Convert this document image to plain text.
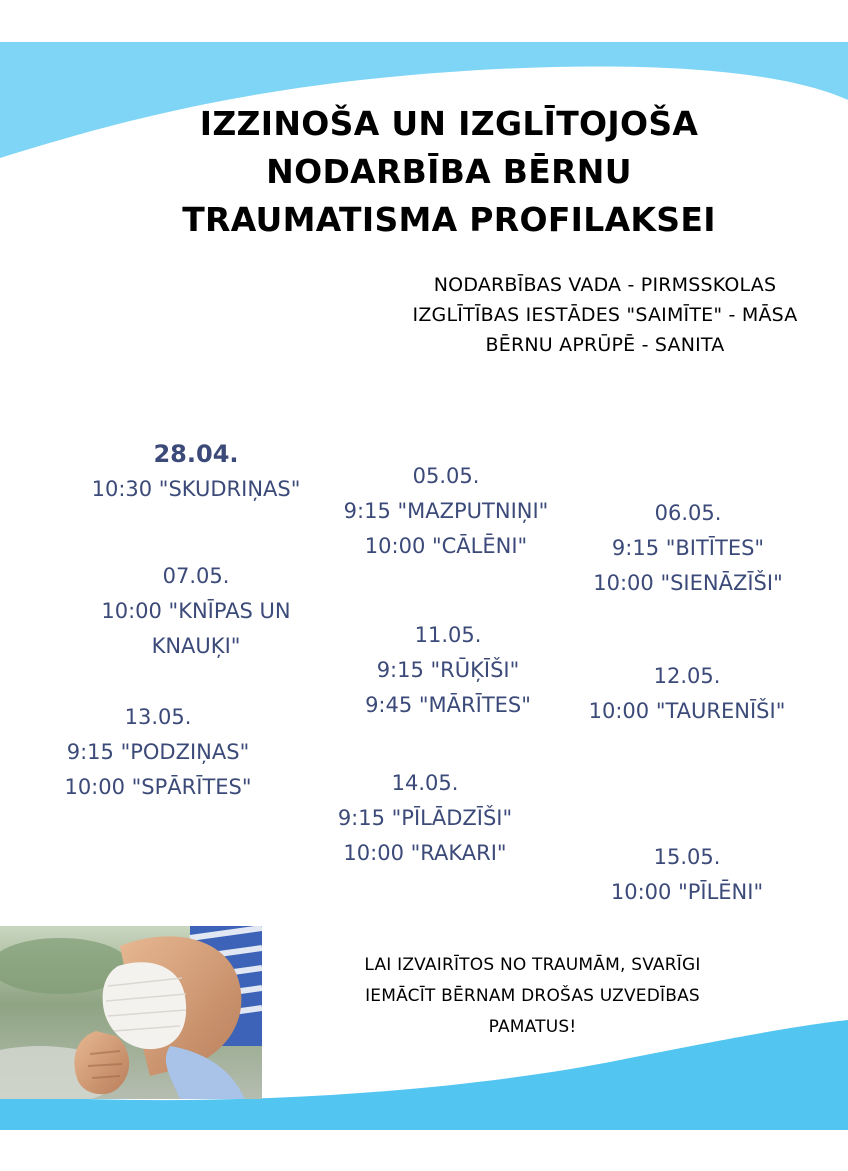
IZZINOŠA UN IZGLĪTOJOŠA
NODARBĪBA BĒRNU
TRAUMATISMA PROFILAKSEI
NODARBĪBAS VADA - PIRMSSKOLAS
IZGLĪTĪBAS IESTĀDES "SAIMĪTE" - MĀSA
BĒRNU APRŪPĒ - SANITA
28.04.
10:30 "SKUDRIŅAS"
05.05.
9:15 "MAZPUTNIŅI"
10:00 "CĀLĒNI"
06.05.
9:15 "BITĪTES"
10:00 "SIENĀZĪŠI"
07.05.
10:00 "KNĪPAS UN
KNAUĶI"	11.05.
9:15 "RŪĶĪŠI"
9:45 "MĀRĪTES"
12.05.
10:00 "TAURENĪŠI"
13.05.
9:15 "PODZIŅAS"
10:00 "SPĀRĪTES"	14.05.
9:15 "PĪLĀDZĪŠI"
10:00 "RAKARI"	15.05.
10:00 "PĪLĒNI"
LAI IZVAIRĪTOS NO TRAUMĀM, SVARĪGI
IEMĀCĪT BĒRNAM DROŠAS UZVEDĪBAS
PAMATUS!
